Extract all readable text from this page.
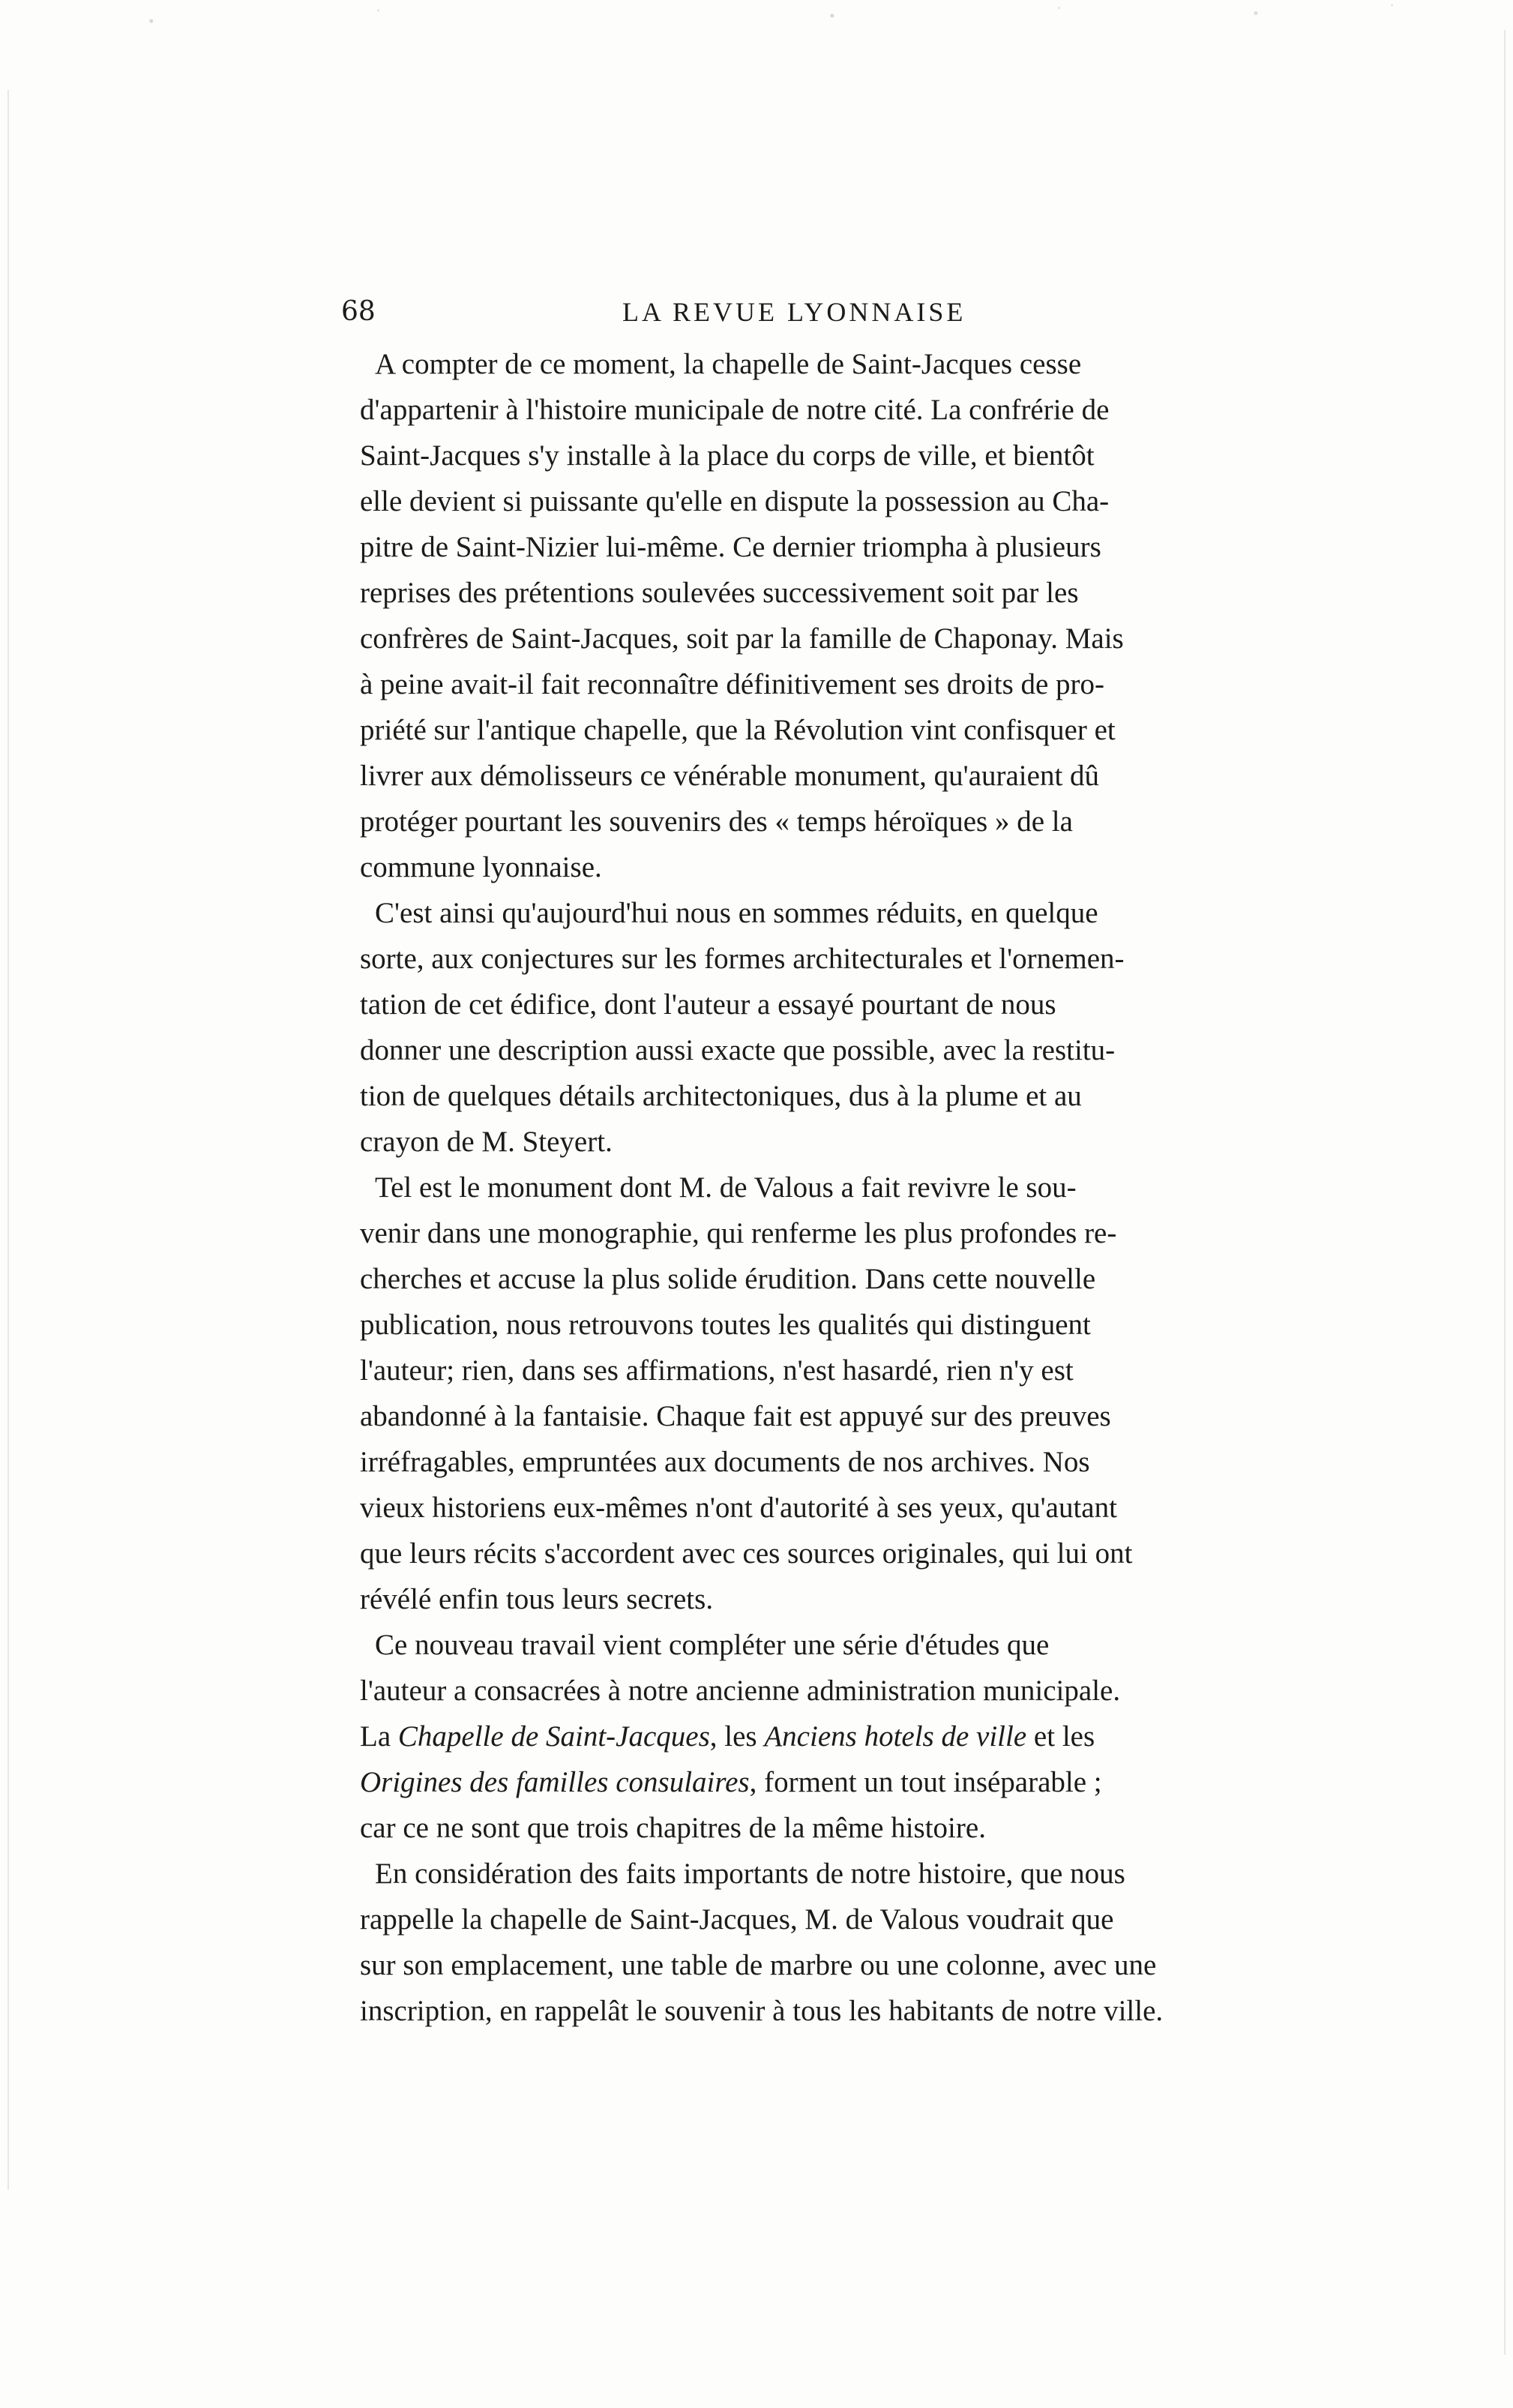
68	LA REVUE LYONNAISE

A compter de ce moment, la chapelle de Saint-Jacques cesse
d'appartenir à l'histoire municipale de notre cité. La confrérie de
Saint-Jacques s'y installe à la place du corps de ville, et bientôt
elle devient si puissante qu'elle en dispute la possession au Cha-
pitre de Saint-Nizier lui-même. Ce dernier triompha à plusieurs
reprises des prétentions soulevées successivement soit par les
confrères de Saint-Jacques, soit par la famille de Chaponay. Mais
à peine avait-il fait reconnaître définitivement ses droits de pro-
priété sur l'antique chapelle, que la Révolution vint confisquer et
livrer aux démolisseurs ce vénérable monument, qu'auraient dû
protéger pourtant les souvenirs des « temps héroïques » de la
commune lyonnaise.

C'est ainsi qu'aujourd'hui nous en sommes réduits, en quelque
sorte, aux conjectures sur les formes architecturales et l'ornemen-
tation de cet édifice, dont l'auteur a essayé pourtant de nous
donner une description aussi exacte que possible, avec la restitu-
tion de quelques détails architectoniques, dus à la plume et au
crayon de M. Steyert.

Tel est le monument dont M. de Valous a fait revivre le sou-
venir dans une monographie, qui renferme les plus profondes re-
cherches et accuse la plus solide érudition. Dans cette nouvelle
publication, nous retrouvons toutes les qualités qui distinguent
l'auteur; rien, dans ses affirmations, n'est hasardé, rien n'y est
abandonné à la fantaisie. Chaque fait est appuyé sur des preuves
irréfragables, empruntées aux documents de nos archives. Nos
vieux historiens eux-mêmes n'ont d'autorité à ses yeux, qu'autant
que leurs récits s'accordent avec ces sources originales, qui lui ont
révélé enfin tous leurs secrets.

Ce nouveau travail vient compléter une série d'études que
l'auteur a consacrées à notre ancienne administration municipale.
La Chapelle de Saint-Jacques, les Anciens hotels de ville et les
Origines des familles consulaires, forment un tout inséparable ;
car ce ne sont que trois chapitres de la même histoire.

En considération des faits importants de notre histoire, que nous
rappelle la chapelle de Saint-Jacques, M. de Valous voudrait que
sur son emplacement, une table de marbre ou une colonne, avec une
inscription, en rappelât le souvenir à tous les habitants de notre ville.
